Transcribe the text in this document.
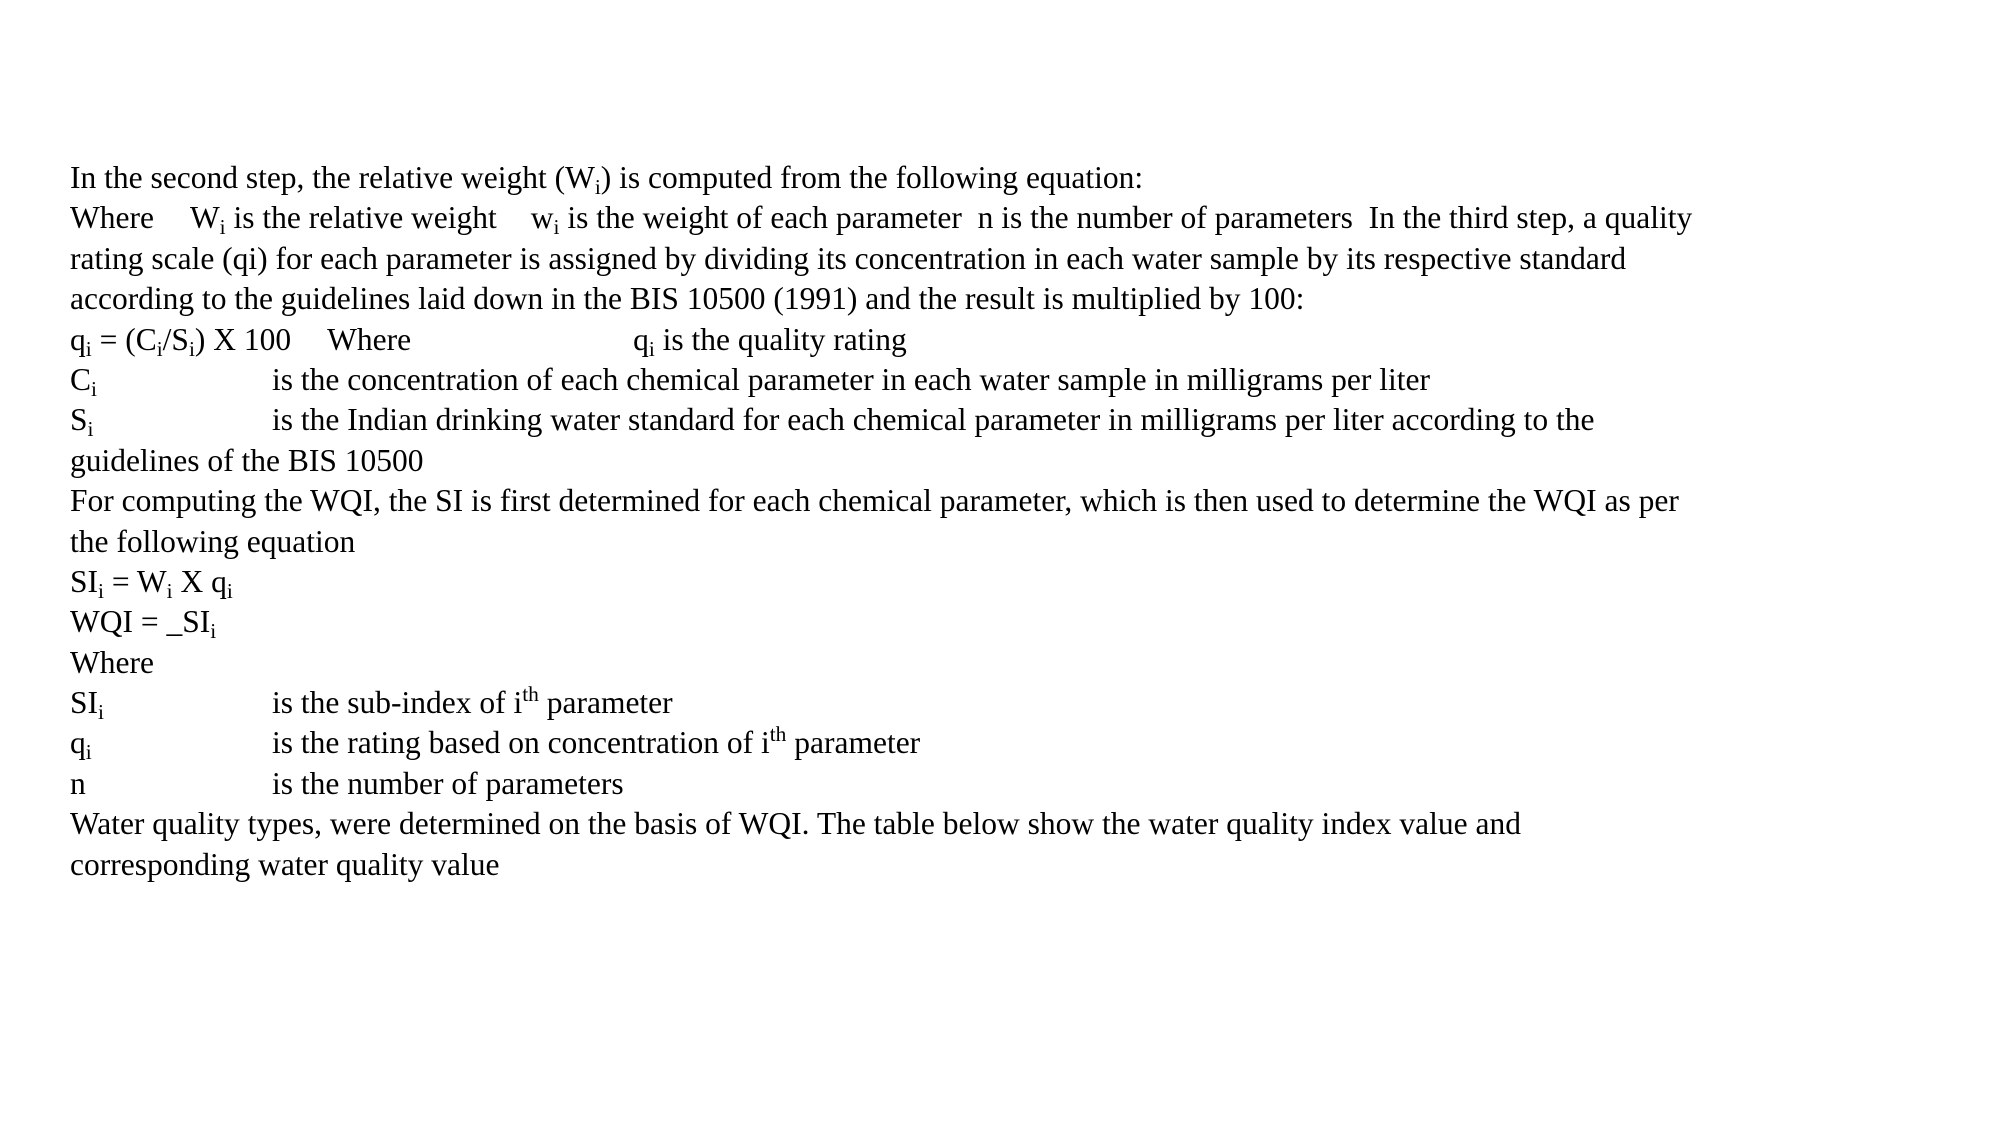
In the second step, the relative weight $(W_i)$ is computed from the following equation:
Where $W_i$ is the relative weight $w_i$ is the weight of each parameter n is the number of parameters In the third step, a quality
rating scale (qi) for each parameter is assigned by dividing its concentration in each water sample by its respective standard
according to the guidelines laid down in the BIS 10500 (1991) and the result is multiplied by 100:
$q_i = (C_i/S_i)$ X 100 Where	$q_i$ is the quality rating
$C_i$	is the concentration of each chemical parameter in each water sample in milligrams per liter
$S_i$	is the Indian drinking water standard for each chemical parameter in milligrams per liter according to the
guidelines of the BIS 10500
For computing the WQI, the SI is first determined for each chemical parameter, which is then used to determine the WQI as per
the following equation
$SI_i = W_i$ X $q_i$
WQI = $\_SI_i$
Where
$SI_i$	is the sub-index of $i^{th}$ parameter
$q_i$	is the rating based on concentration of $i^{th}$ parameter
n	is the number of parameters
Water quality types, were determined on the basis of WQI. The table below show the water quality index value and
corresponding water quality value
